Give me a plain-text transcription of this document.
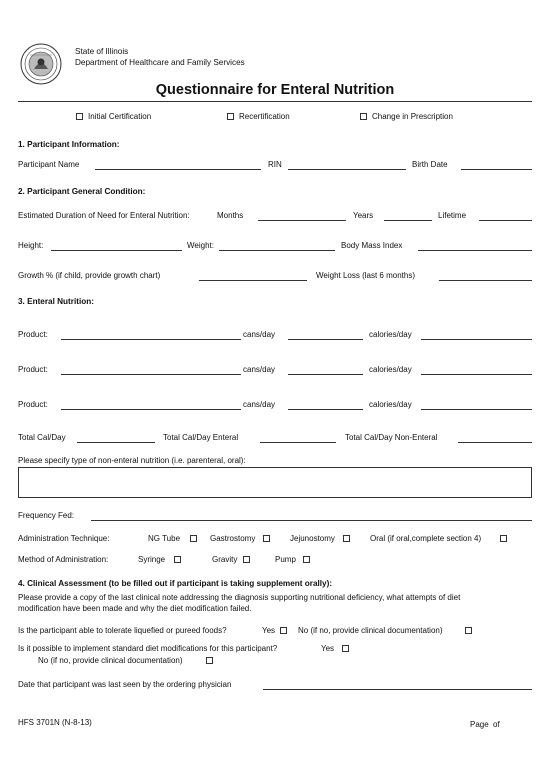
State of Illinois
Department of Healthcare and Family Services
Questionnaire for Enteral Nutrition
Initial Certification	Recertification	Change in Prescription
1. Participant Information:
Participant Name	RIN	Birth Date
2. Participant General Condition:
Estimated Duration of Need for Enteral Nutrition:	Months	Years	Lifetime
Height:	Weight:	Body Mass Index
Growth % (if child, provide growth chart)	Weight Loss (last 6 months)
3. Enteral Nutrition:
Product:	cans/day	calories/day
Product:	cans/day	calories/day
Product:	cans/day	calories/day
Total Cal/Day	Total Cal/Day Enteral	Total Cal/Day Non-Enteral
Please specify type of non-enteral nutrition (i.e. parenteral, oral):
Frequency Fed:
Administration Technique:	NG Tube	Gastrostomy	Jejunostomy	Oral (if oral,complete section 4)
Method of Administration:	Syringe	Gravity	Pump
4. Clinical Assessment (to be filled out if participant is taking supplement orally):
Please provide a copy of the last clinical note addressing the diagnosis supporting nutritional deficiency, what attempts of diet
modification have been made and why the diet modification failed.
Is the participant able to tolerate liquefied or pureed foods?	Yes	No (if no, provide clinical documentation)
Is it possible to implement standard diet modifications for this participant?	Yes
No (if no, provide clinical documentation)
Date that participant was last seen by the ordering physician
HFS 3701N (N-8-13)	Page of
